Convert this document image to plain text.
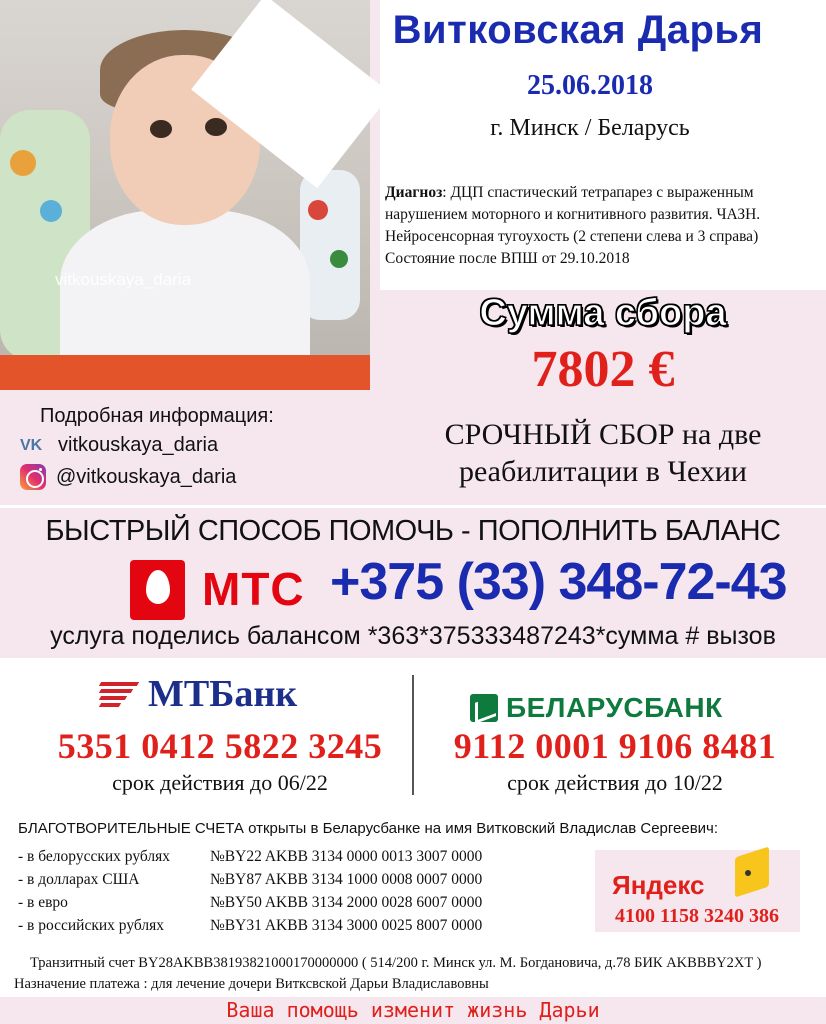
vitkouskaya_daria
Витковская Дарья
25.06.2018
г. Минск / Беларусь
Диагноз: ДЦП спастический тетрапарез с выраженным
нарушением моторного и когнитивного развития. ЧАЗН.
Нейросенсорная тугоухость (2 степени слева и 3 справа)
Состояние после ВПШ от 29.10.2018
Сумма сбора
7802 €
СРОЧНЫЙ СБОР на две
реабилитации в Чехии
Подробная информация:
VK vitkouskaya_daria
@vitkouskaya_daria
БЫСТРЫЙ СПОСОБ ПОМОЧЬ - ПОПОЛНИТЬ БАЛАНС
МТС +375 (33) 348-72-43
услуга поделись балансом *363*375333487243*сумма # вызов
МТБанк
5351 0412 5822 3245
срок действия до 06/22
БЕЛАРУСБАНК
9112 0001 9106 8481
срок действия до 10/22
БЛАГОТВОРИТЕЛЬНЫЕ СЧЕТА открыты в Беларусбанке на имя Витковский Владислав Сергеевич:
- в белорусских рублях	№BY22 AKBB 3134 0000 0013 3007 0000
- в долларах США	№BY87 AKBB 3134 1000 0008 0007 0000
- в евро	№BY50 AKBB 3134 2000 0028 6007 0000
- в российских рублях	№BY31 AKBB 3134 3000 0025 8007 0000
Яндекс
4100 1158 3240 386
Транзитный счет BY28AKBB38193821000170000000 ( 514/200 г. Минск ул. М. Богдановича, д.78 БИК AKBBBY2XT )
Назначение платежа : для лечение дочери Витксвской Дарьи Владиславовны
Ваша помощь изменит жизнь Дарьи
